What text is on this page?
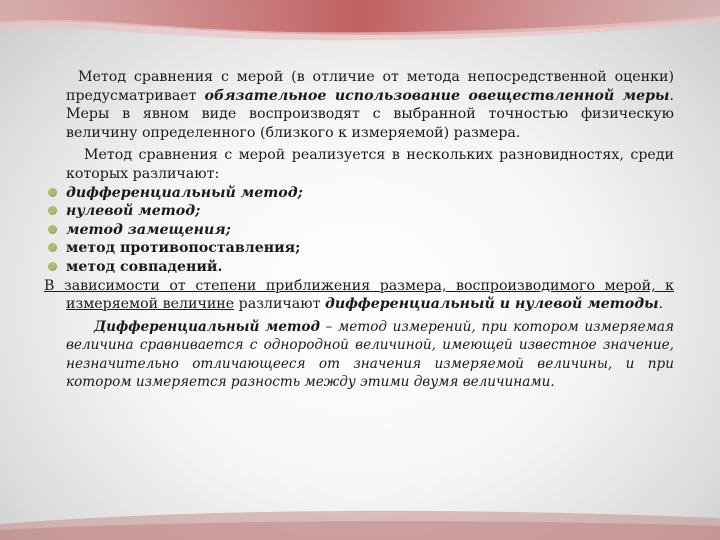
Метод сравнения с мерой (в отличие от метода непосредственной оценки) предусматривает обязательное использование овеществленной меры. Меры в явном виде воспроизводят с выбранной точностью физическую величину определенного (близкого к измеряемой) размера.

Метод сравнения с мерой реализуется в нескольких разновидностях, среди которых различают:

дифференциальный метод;
нулевой метод;
метод замещения;
метод противопоставления;
метод совпадений.

В зависимости от степени приближения размера, воспроизводимого мерой, к измеряемой величине различают дифференциальный и нулевой методы.

Дифференциальный метод – метод измерений, при котором измеряемая величина сравнивается с однородной величиной, имеющей известное значение, незначительно отличающееся от значения измеряемой величины, и при котором измеряется разность между этими двумя величинами.
